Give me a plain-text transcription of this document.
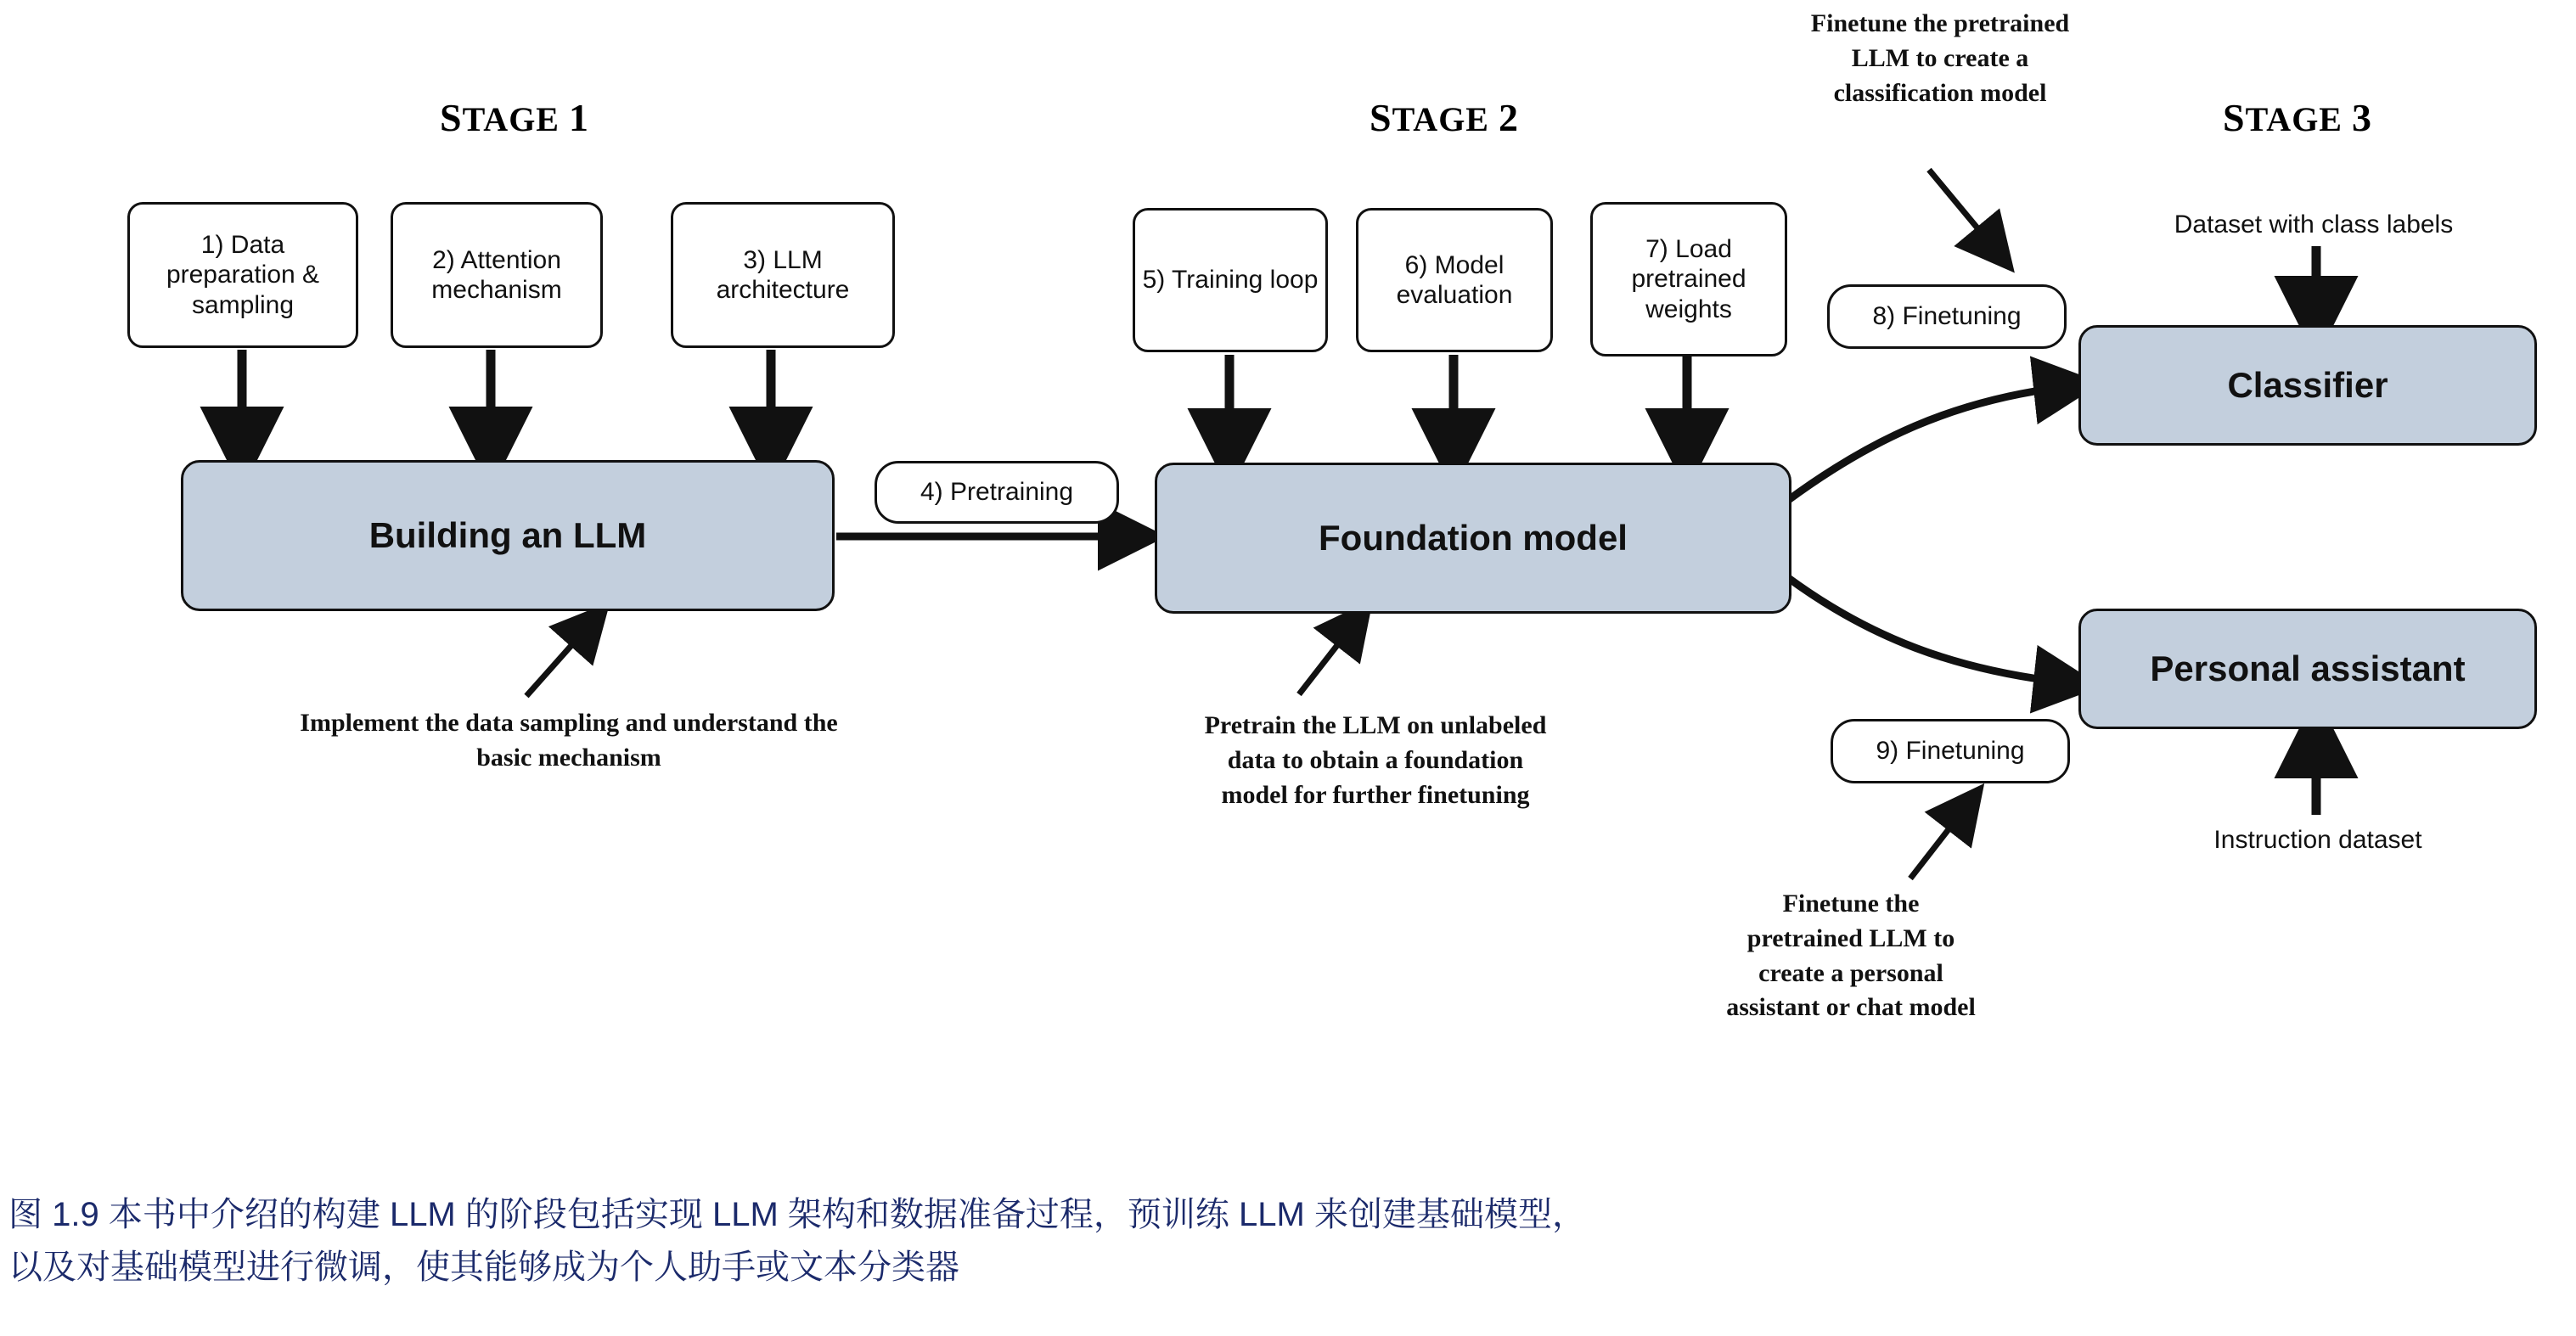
STAGE 1	STAGE 2	STAGE 3
1) Data preparation & sampling
2) Attention mechanism
3) LLM architecture	5) Training loop
6) Model evaluation
7) Load pretrained weights
4) Pretraining
8) Finetuning
9) Finetuning
Building an LLM	Foundation model
Classifier
Personal assistant
Implement the data sampling and understand the basic mechanism
Pretrain the LLM on unlabeled
data to obtain a foundation
model for further finetuning
Finetune the pretrained
LLM to create a
classification model
Finetune the
pretrained LLM to
create a personal
assistant or chat model
Dataset with class labels
Instruction dataset
图 1.9 本书中介绍的构建 LLM 的阶段包括实现 LLM 架构和数据准备过程，预训练 LLM 来创建基础模型，
以及对基础模型进行微调，使其能够成为个人助手或文本分类器
